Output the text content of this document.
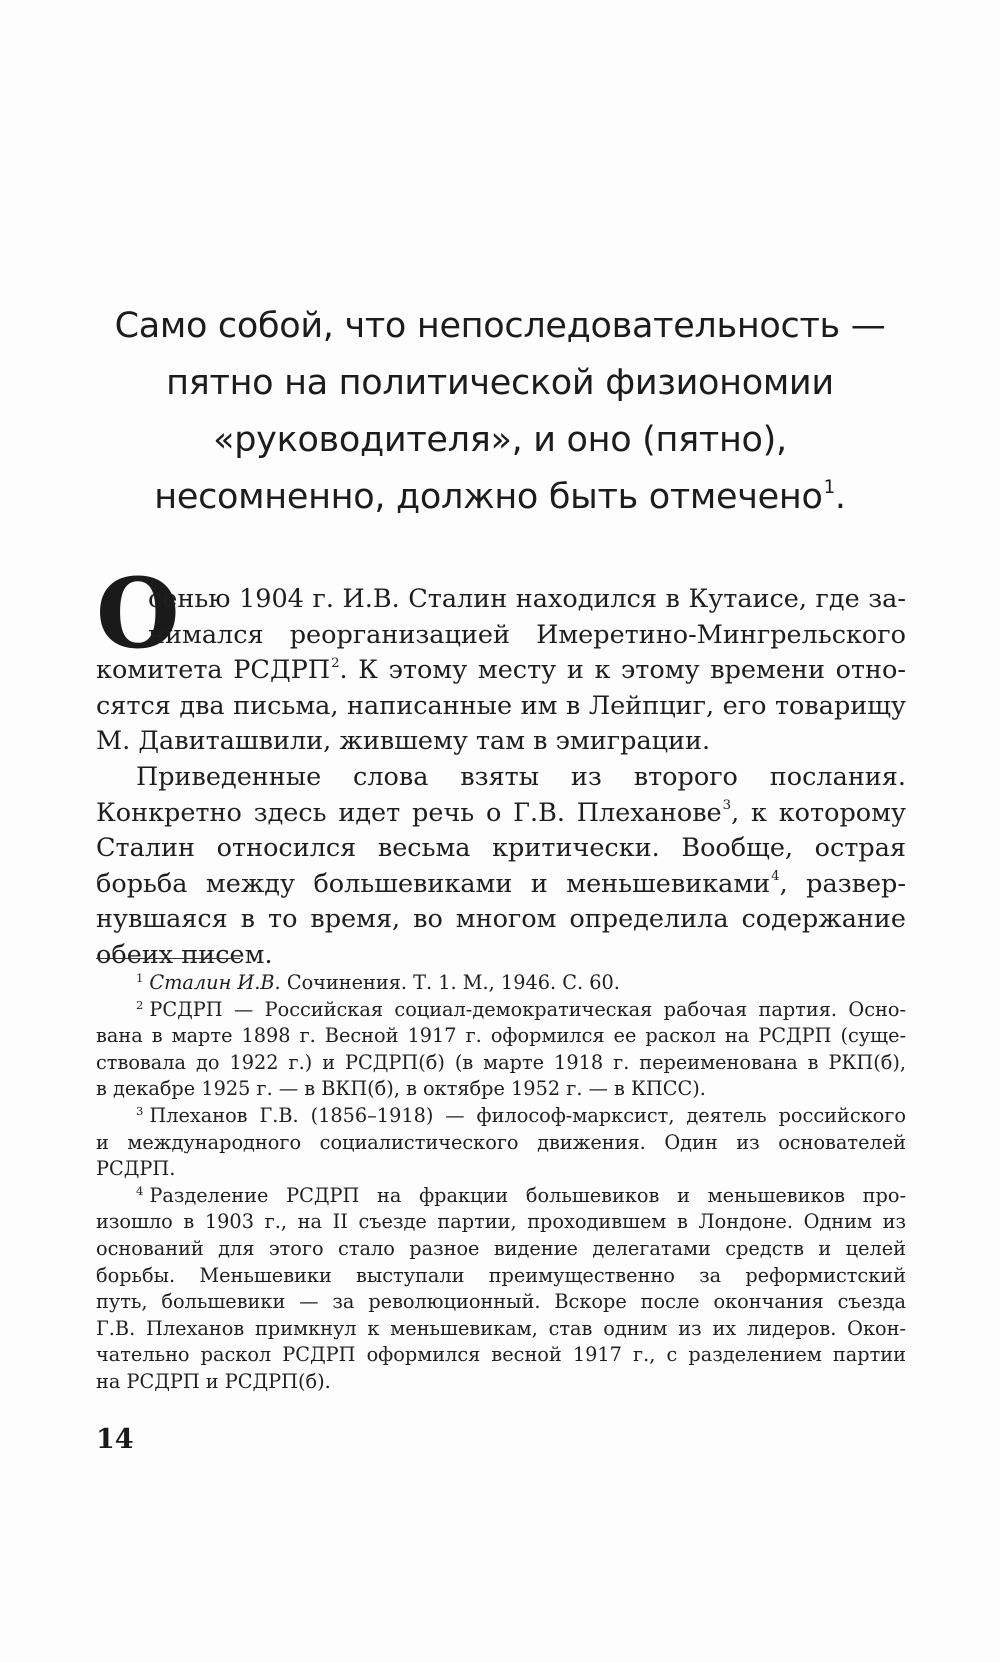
Само собой, что непоследовательность —
пятно на политической физиономии
«руководителя», и оно (пятно),
несомненно, должно быть отмечено$^1$.
О
сенью 1904 г. И.В. Сталин находился в Кутаисе, где за-
нимался реорганизацией Имеретино-Мингрельского
комитета РСДРП$^2$. К этому месту и к этому времени отно-
сятся два письма, написанные им в Лейпциг, его товарищу
М. Давиташвили, жившему там в эмиграции.
Приведенные слова взяты из второго послания.
Конкретно здесь идет речь о Г.В. Плеханове$^3$, к которому
Сталин относился весьма критически. Вообще, острая
борьба между большевиками и меньшевиками$^4$, развер-
нувшаяся в то время, во многом определила содержание
обеих писем.
$^1$ Сталин И.В. Сочинения. Т. 1. М., 1946. С. 60.
$^2$ РСДРП — Российская социал-демократическая рабочая партия. Осно-
вана в марте 1898 г. Весной 1917 г. оформился ее раскол на РСДРП (суще-
ствовала до 1922 г.) и РСДРП(б) (в марте 1918 г. переименована в РКП(б),
в декабре 1925 г. — в ВКП(б), в октябре 1952 г. — в КПСС).
$^3$ Плеханов Г.В. (1856–1918) — философ-марксист, деятель российского
и международного социалистического движения. Один из основателей
РСДРП.
$^4$ Разделение РСДРП на фракции большевиков и меньшевиков про-
изошло в 1903 г., на II съезде партии, проходившем в Лондоне. Одним из
оснований для этого стало разное видение делегатами средств и целей
борьбы. Меньшевики выступали преимущественно за реформистский
путь, большевики — за революционный. Вскоре после окончания съезда
Г.В. Плеханов примкнул к меньшевикам, став одним из их лидеров. Окон-
чательно раскол РСДРП оформился весной 1917 г., с разделением партии
на РСДРП и РСДРП(б).
14
